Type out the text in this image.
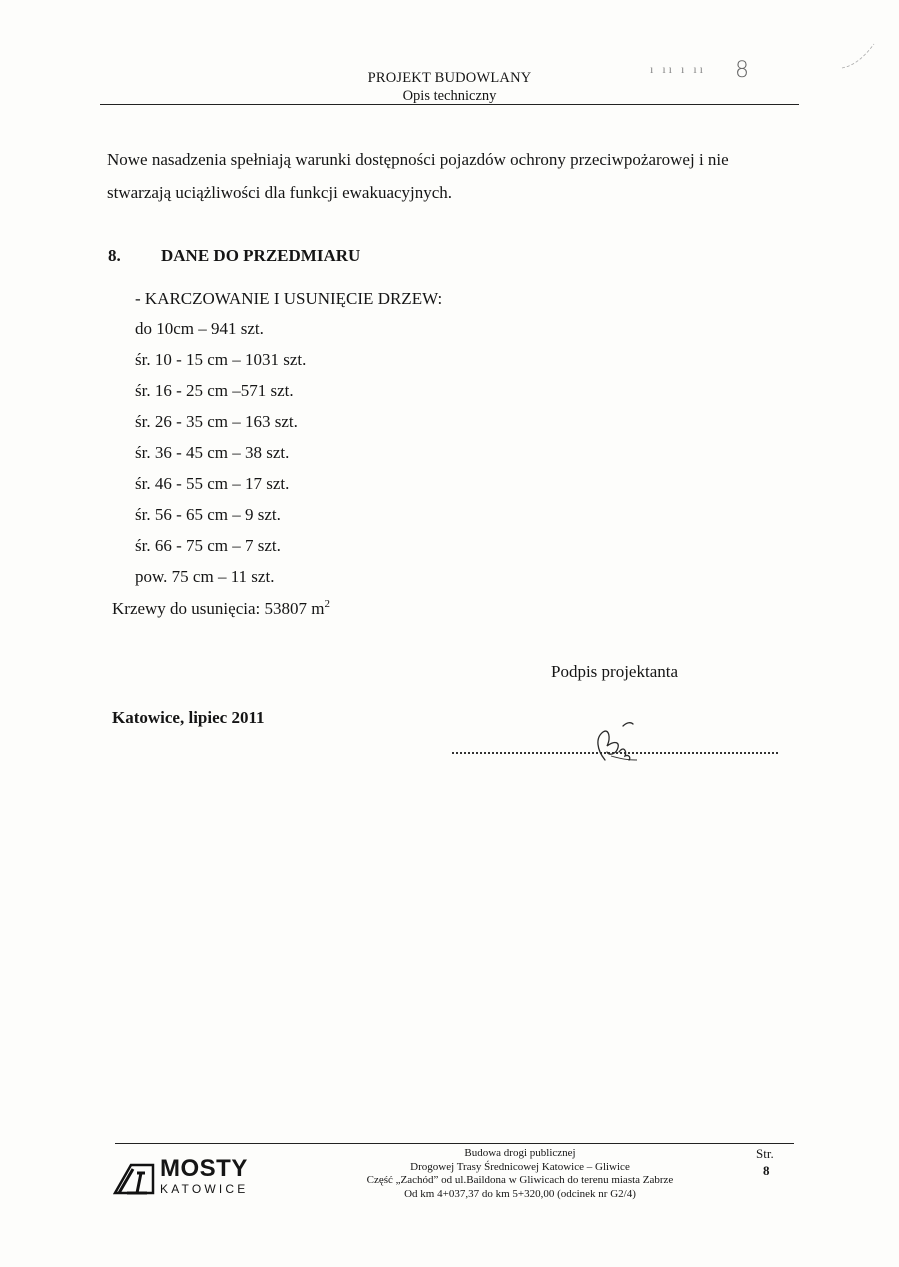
PROJEKT BUDOWLANY
Opis techniczny
ı ıı ı ıı 8
Nowe nasadzenia spełniają warunki dostępności pojazdów ochrony przeciwpożarowej i nie
stwarzają uciążliwości dla funkcji ewakuacyjnych.
8. DANE DO PRZEDMIARU
- KARCZOWANIE I USUNIĘCIE DRZEW:
do 10cm – 941 szt.
śr. 10 - 15 cm – 1031 szt.
śr. 16 - 25 cm –571 szt.
śr. 26 - 35 cm – 163 szt.
śr. 36 - 45 cm – 38 szt.
śr. 46 - 55 cm – 17 szt.
śr. 56 - 65 cm – 9 szt.
śr. 66 - 75 cm – 7 szt.
pow. 75 cm – 11 szt.
Krzewy do usunięcia: 53807 $m^2$
Podpis projektanta
Katowice, lipiec 2011
MOSTY
KATOWICE
Budowa drogi publicznej
Drogowej Trasy Średnicowej Katowice – Gliwice
Część „Zachód” od ul.Baildona w Gliwicach do terenu miasta Zabrze
Od km 4+037,37 do km 5+320,00 (odcinek nr G2/4)
Str.
8
